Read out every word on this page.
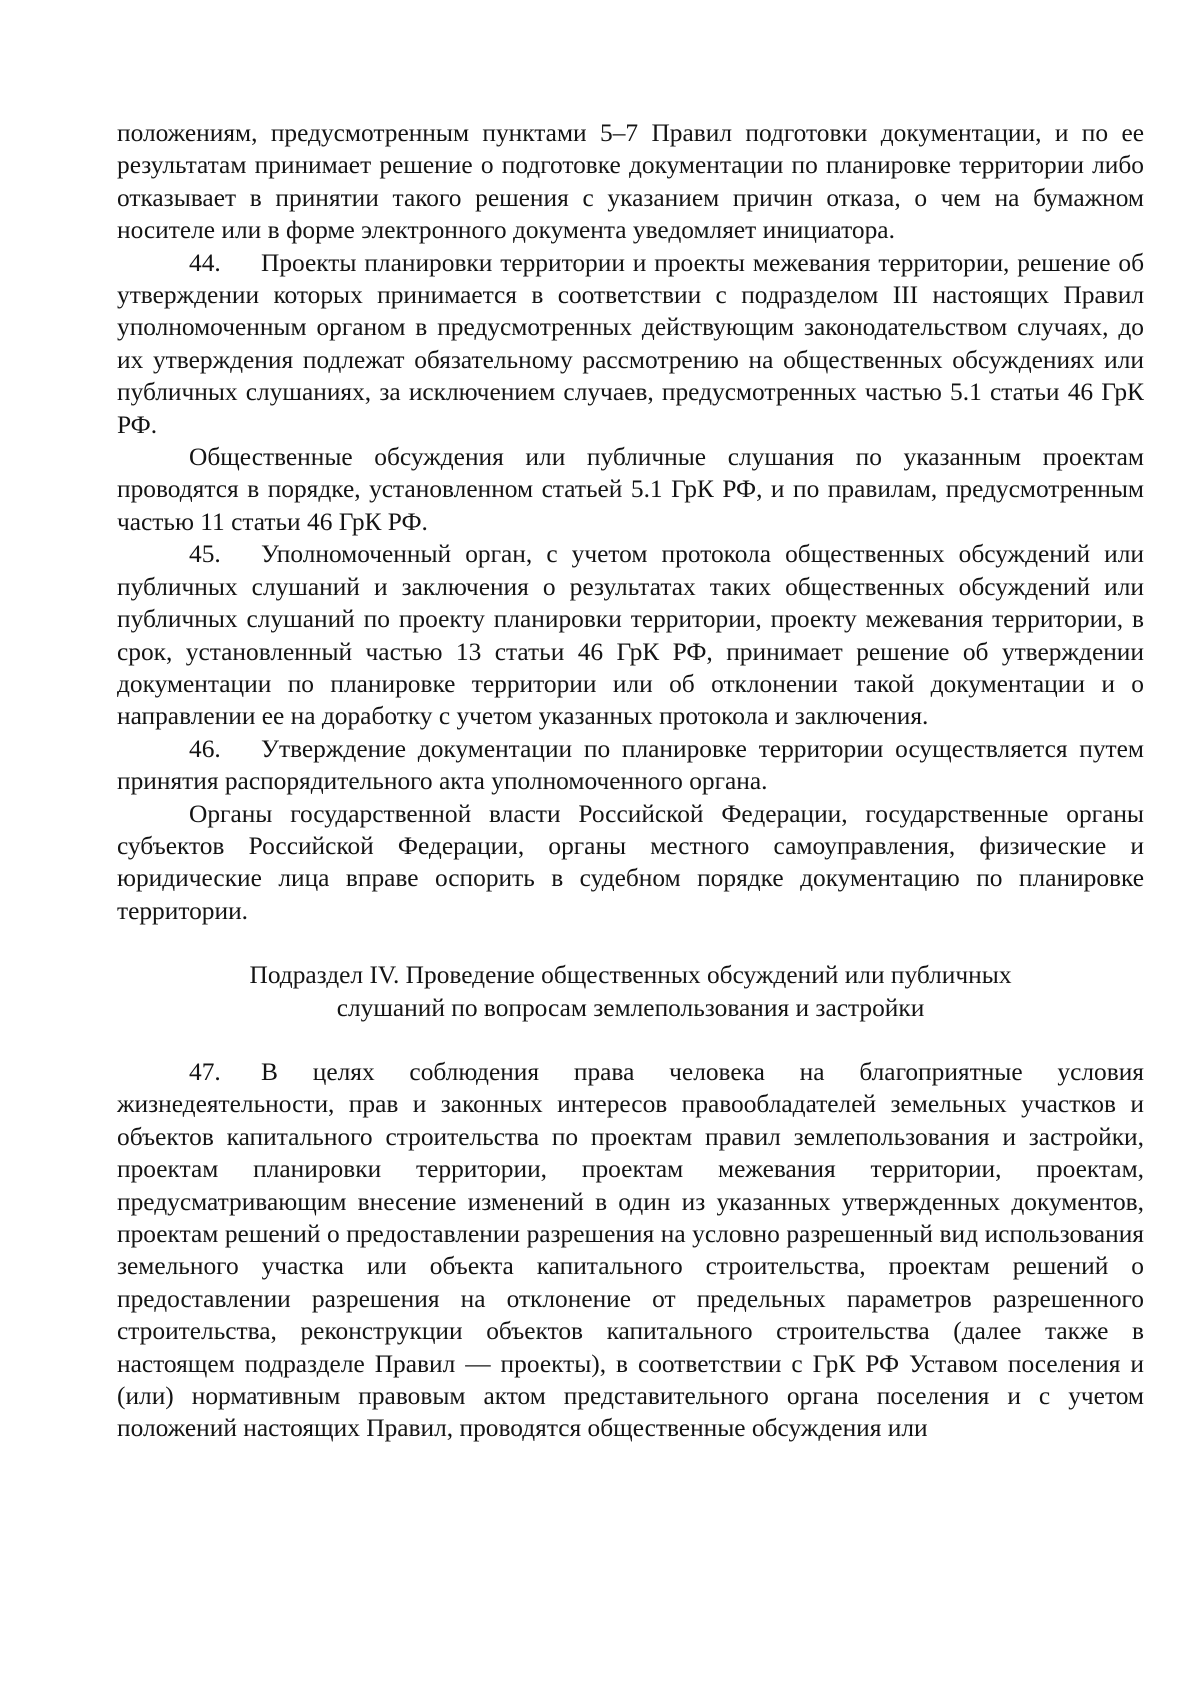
положениям, предусмотренным пунктами 5–7 Правил подготовки документации, и по ее результатам принимает решение о подготовке документации по планировке территории либо отказывает в принятии такого решения с указанием причин отказа, о чем на бумажном носителе или в форме электронного документа уведомляет инициатора.

44. Проекты планировки территории и проекты межевания территории, решение об утверждении которых принимается в соответствии с подразделом III настоящих Правил уполномоченным органом в предусмотренных действующим законодательством случаях, до их утверждения подлежат обязательному рассмотрению на общественных обсуждениях или публичных слушаниях, за исключением случаев, предусмотренных частью 5.1 статьи 46 ГрК РФ.

Общественные обсуждения или публичные слушания по указанным проектам проводятся в порядке, установленном статьей 5.1 ГрК РФ, и по правилам, предусмотренным частью 11 статьи 46 ГрК РФ.

45. Уполномоченный орган, с учетом протокола общественных обсуждений или публичных слушаний и заключения о результатах таких общественных обсуждений или публичных слушаний по проекту планировки территории, проекту межевания территории, в срок, установленный частью 13 статьи 46 ГрК РФ, принимает решение об утверждении документации по планировке территории или об отклонении такой документации и о направлении ее на доработку с учетом указанных протокола и заключения.

46. Утверждение документации по планировке территории осуществляется путем принятия распорядительного акта уполномоченного органа.

Органы государственной власти Российской Федерации, государственные органы субъектов Российской Федерации, органы местного самоуправления, физические и юридические лица вправе оспорить в судебном порядке документацию по планировке территории.

Подраздел IV. Проведение общественных обсуждений или публичных
слушаний по вопросам землепользования и застройки

47. В целях соблюдения права человека на благоприятные условия жизнедеятельности, прав и законных интересов правообладателей земельных участков и объектов капитального строительства по проектам правил землепользования и застройки, проектам планировки территории, проектам межевания территории, проектам, предусматривающим внесение изменений в один из указанных утвержденных документов, проектам решений о предоставлении разрешения на условно разрешенный вид использования земельного участка или объекта капитального строительства, проектам решений о предоставлении разрешения на отклонение от предельных параметров разрешенного строительства, реконструкции объектов капитального строительства (далее также в настоящем подразделе Правил — проекты), в соответствии с ГрК РФ Уставом поселения и (или) нормативным правовым актом представительного органа поселения и с учетом положений настоящих Правил, проводятся общественные обсуждения или
